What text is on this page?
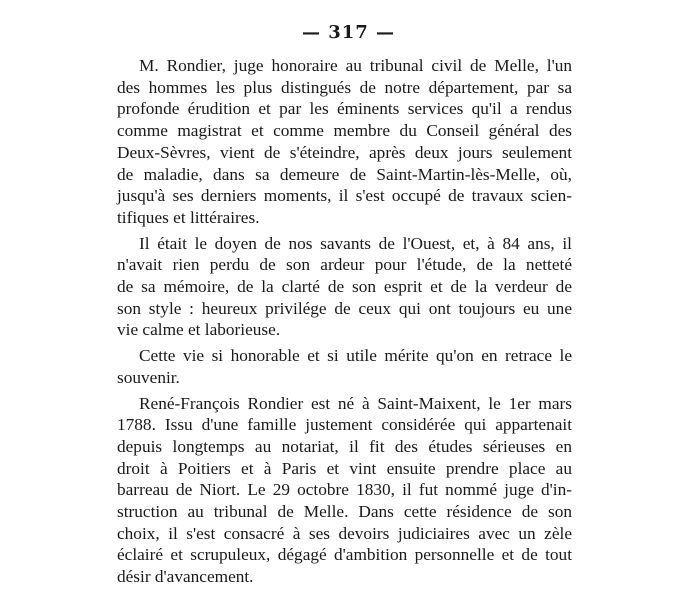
— 317 —
M. Rondier, juge honoraire au tribunal civil de Melle, l'un
des hommes les plus distingués de notre département, par sa
profonde érudition et par les éminents services qu'il a rendus
comme magistrat et comme membre du Conseil général des
Deux-Sèvres, vient de s'éteindre, après deux jours seulement
de maladie, dans sa demeure de Saint-Martin-lès-Melle, où,
jusqu'à ses derniers moments, il s'est occupé de travaux scien-
tifiques et littéraires.
Il était le doyen de nos savants de l'Ouest, et, à 84 ans, il
n'avait rien perdu de son ardeur pour l'étude, de la netteté
de sa mémoire, de la clarté de son esprit et de la verdeur de
son style : heureux privilége de ceux qui ont toujours eu une
vie calme et laborieuse.
Cette vie si honorable et si utile mérite qu'on en retrace le
souvenir.
René-François Rondier est né à Saint-Maixent, le 1er mars
1788. Issu d'une famille justement considérée qui appartenait
depuis longtemps au notariat, il fit des études sérieuses en
droit à Poitiers et à Paris et vint ensuite prendre place au
barreau de Niort. Le 29 octobre 1830, il fut nommé juge d'in-
struction au tribunal de Melle. Dans cette résidence de son
choix, il s'est consacré à ses devoirs judiciaires avec un zèle
éclairé et scrupuleux, dégagé d'ambition personnelle et de tout
désir d'avancement.
